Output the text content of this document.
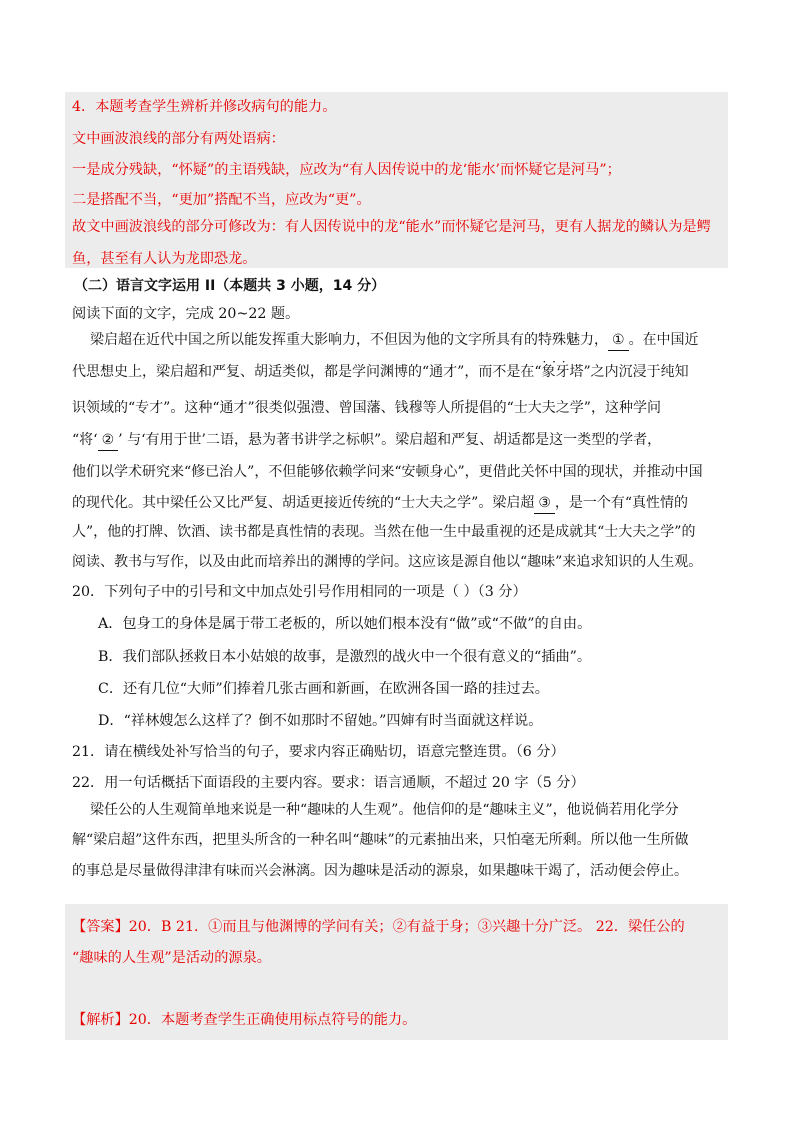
4．本题考查学生辨析并修改病句的能力。
文中画波浪线的部分有两处语病：
一是成分残缺，“怀疑”的主语残缺，应改为“有人因传说中的龙‘能水’而怀疑它是河马”；
二是搭配不当，“更加”搭配不当，应改为“更”。
故文中画波浪线的部分可修改为：有人因传说中的龙“能水”而怀疑它是河马，更有人据龙的鳞认为是鳄
鱼，甚至有人认为龙即恐龙。
（二）语言文字运用 II（本题共 3 小题，14 分）
阅读下面的文字，完成 20~22 题。
梁启超在近代中国之所以能发挥重大影响力，不但因为他的文字所具有的特殊魅力， ① 。在中国近
代思想史上，梁启超和严复、胡适类似，都是学问渊博的“通才”，而不是在“· · · 象牙塔”之内沉浸于纯知
识领域的“专才”。这种“通才”很类似强澧、曾国藩、钱穆等人所提倡的“士大夫之学”，这种学问
“将‘ ② ’ 与‘有用于世’二语，悬为著书讲学之标帜”。梁启超和严复、胡适都是这一类型的学者，
他们以学术研究来“修已治人”，不但能够依赖学问来“安顿身心”，更借此关怀中国的现状，并推动中国
的现代化。其中梁任公又比严复、胡适更接近传统的“士大夫之学”。梁启超 ③ ，是一个有“真性情的
人”，他的打牌、饮酒、读书都是真性情的表现。当然在他一生中最重视的还是成就其“士大夫之学”的
阅读、教书与写作，以及由此而培养出的渊博的学问。这应该是源自他以“趣味”来追求知识的人生观。
20．下列句子中的引号和文中加点处引号作用相同的一项是（ ）（3 分）
A．包身工的身体是属于带工老板的，所以她们根本没有“做”或“不做”的自由。
B．我们部队拯救日本小姑娘的故事，是激烈的战火中一个很有意义的“插曲”。
C．还有几位“大师”们捧着几张古画和新画，在欧洲各国一路的挂过去。
D．“祥林嫂怎么这样了？倒不如那时不留她。”四婶有时当面就这样说。
21．请在横线处补写恰当的句子，要求内容正确贴切，语意完整连贯。（6 分）
22．用一句话概括下面语段的主要内容。要求：语言通顺，不超过 20 字（5 分）
梁任公的人生观简单地来说是一种“趣味的人生观”。他信仰的是“趣味主义”，他说倘若用化学分
解“梁启超”这件东西，把里头所含的一种名叫“趣味”的元素抽出来，只怕毫无所剩。所以他一生所做
的事总是尽量做得津津有味而兴会淋漓。因为趣味是活动的源泉，如果趣味干竭了，活动便会停止。
【答案】20．B 21．①而且与他渊博的学问有关；②有益于身；③兴趣十分广泛。 22．梁任公的
“趣味的人生观”是活动的源泉。
【解析】20．本题考查学生正确使用标点符号的能力。
